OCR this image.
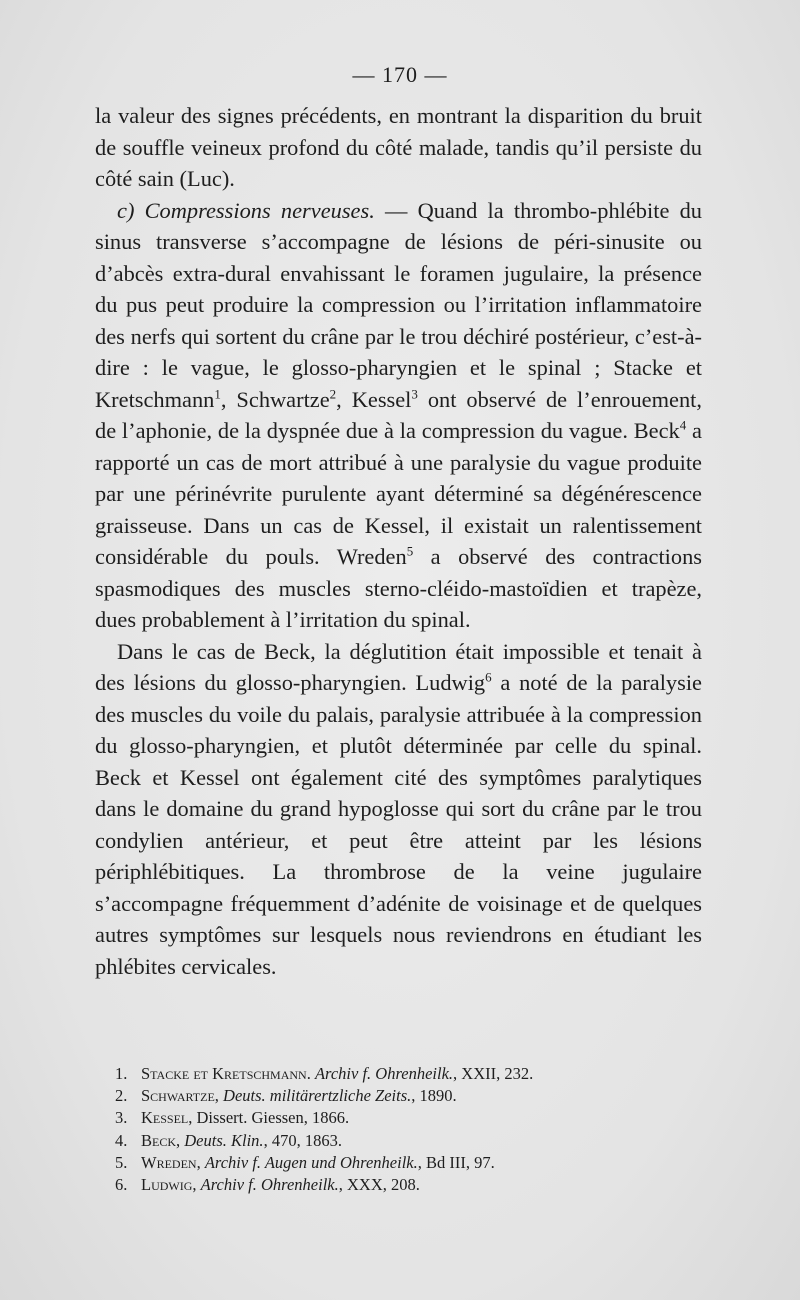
— 170 —

la valeur des signes précédents, en montrant la disparition du bruit de souffle veineux profond du côté malade, tandis qu’il persiste du côté sain (Luc).

c) Compressions nerveuses. — Quand la thrombo-phlébite du sinus transverse s’accompagne de lésions de péri-sinusite ou d’abcès extra-dural envahissant le foramen jugulaire, la présence du pus peut produire la compression ou l’irritation inflammatoire des nerfs qui sortent du crâne par le trou déchiré postérieur, c’est-à-dire : le vague, le glosso-pharyngien et le spinal ; Stacke et Kretschmann$^1$, Schwartze$^2$, Kessel$^3$ ont observé de l’enrouement, de l’aphonie, de la dyspnée due à la compression du vague. Beck$^4$ a rapporté un cas de mort attribué à une paralysie du vague produite par une périnévrite purulente ayant déterminé sa dégénérescence graisseuse. Dans un cas de Kessel, il existait un ralentissement considérable du pouls. Wreden$^5$ a observé des contractions spasmodiques des muscles sterno-cléido-mastoïdien et trapèze, dues probablement à l’irritation du spinal.

Dans le cas de Beck, la déglutition était impossible et tenait à des lésions du glosso-pharyngien. Ludwig$^6$ a noté de la paralysie des muscles du voile du palais, paralysie attribuée à la compression du glosso-pharyngien, et plutôt déterminée par celle du spinal. Beck et Kessel ont également cité des symptômes paralytiques dans le domaine du grand hypoglosse qui sort du crâne par le trou condylien antérieur, et peut être atteint par les lésions périphlébitiques. La thrombrose de la veine jugulaire s’accompagne fréquemment d’adénite de voisinage et de quelques autres symptômes sur lesquels nous reviendrons en étudiant les phlébites cervicales.

1. Stacke et Kretschmann. Archiv f. Ohrenheilk., XXII, 232.
2. Schwartze, Deuts. militärertzliche Zeits., 1890.
3. Kessel, Dissert. Giessen, 1866.
4. Beck, Deuts. Klin., 470, 1863.
5. Wreden, Archiv f. Augen und Ohrenheilk., Bd III, 97.
6. Ludwig, Archiv f. Ohrenheilk., XXX, 208.
